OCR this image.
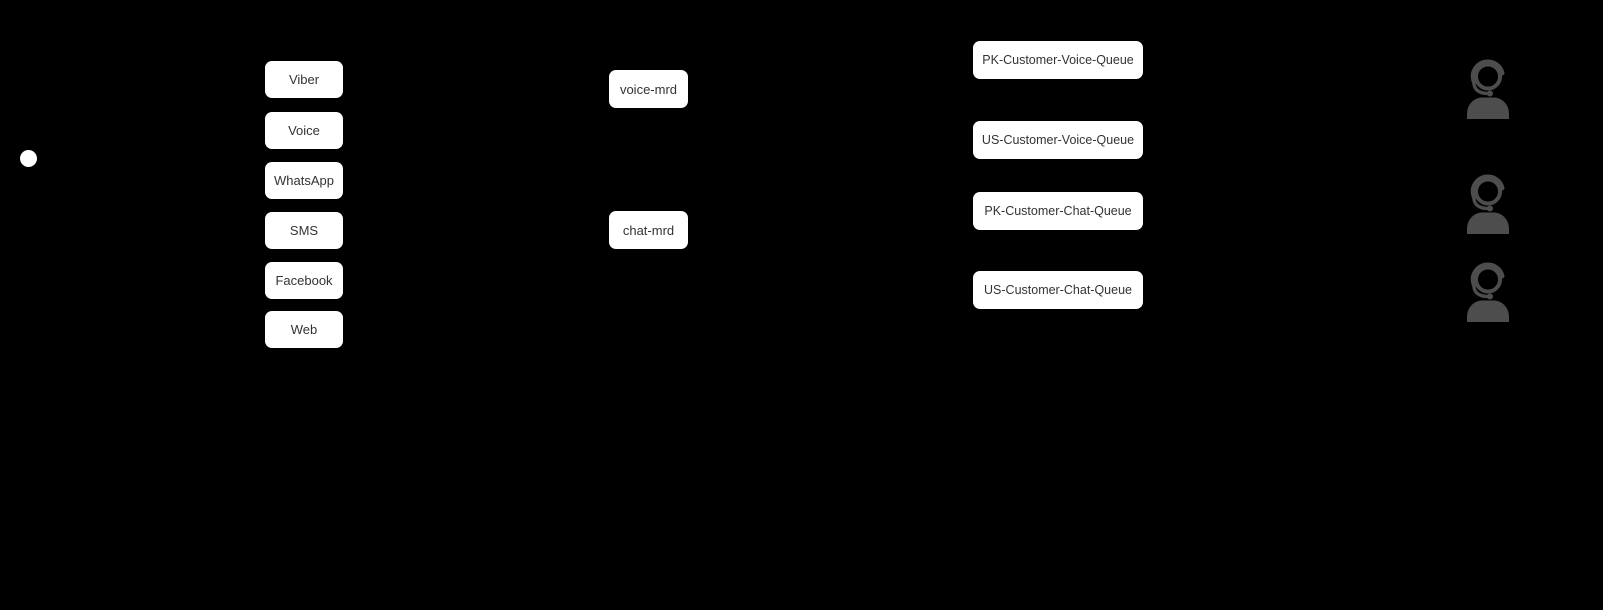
Viber
Voice
WhatsApp
SMS
Facebook
Web
voice-mrd
chat-mrd
PK-Customer-Voice-Queue
US-Customer-Voice-Queue
PK-Customer-Chat-Queue
US-Customer-Chat-Queue
